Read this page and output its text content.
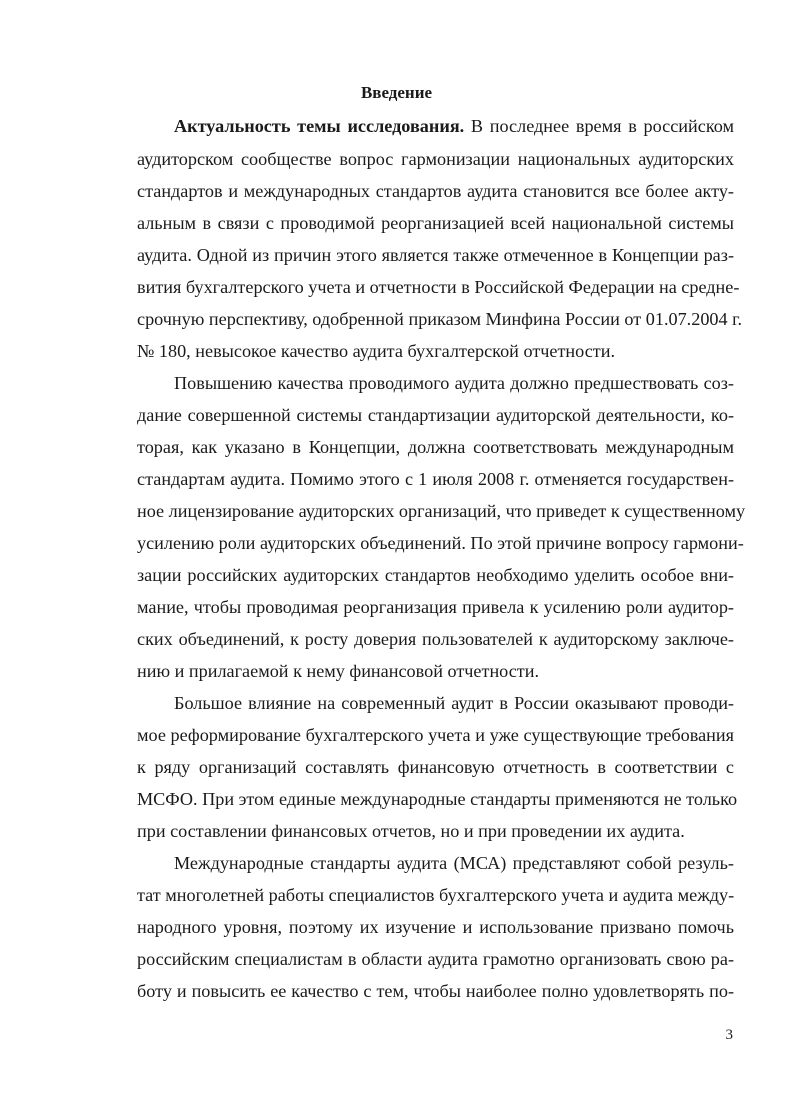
Введение
Актуальность темы исследования. В последнее время в российском
аудиторском сообществе вопрос гармонизации национальных аудиторских
стандартов и международных стандартов аудита становится все более акту-
альным в связи с проводимой реорганизацией всей национальной системы
аудита. Одной из причин этого является также отмеченное в Концепции раз-
вития бухгалтерского учета и отчетности в Российской Федерации на средне-
срочную перспективу, одобренной приказом Минфина России от 01.07.2004 г.
№ 180, невысокое качество аудита бухгалтерской отчетности.
Повышению качества проводимого аудита должно предшествовать соз-
дание совершенной системы стандартизации аудиторской деятельности, ко-
торая, как указано в Концепции, должна соответствовать международным
стандартам аудита. Помимо этого с 1 июля 2008 г. отменяется государствен-
ное лицензирование аудиторских организаций, что приведет к существенному
усилению роли аудиторских объединений. По этой причине вопросу гармони-
зации российских аудиторских стандартов необходимо уделить особое вни-
мание, чтобы проводимая реорганизация привела к усилению роли аудитор-
ских объединений, к росту доверия пользователей к аудиторскому заключе-
нию и прилагаемой к нему финансовой отчетности.
Большое влияние на современный аудит в России оказывают проводи-
мое реформирование бухгалтерского учета и уже существующие требования
к ряду организаций составлять финансовую отчетность в соответствии с
МСФО. При этом единые международные стандарты применяются не только
при составлении финансовых отчетов, но и при проведении их аудита.
Международные стандарты аудита (МСА) представляют собой резуль-
тат многолетней работы специалистов бухгалтерского учета и аудита между-
народного уровня, поэтому их изучение и использование призвано помочь
российским специалистам в области аудита грамотно организовать свою ра-
боту и повысить ее качество с тем, чтобы наиболее полно удовлетворять по-
3
